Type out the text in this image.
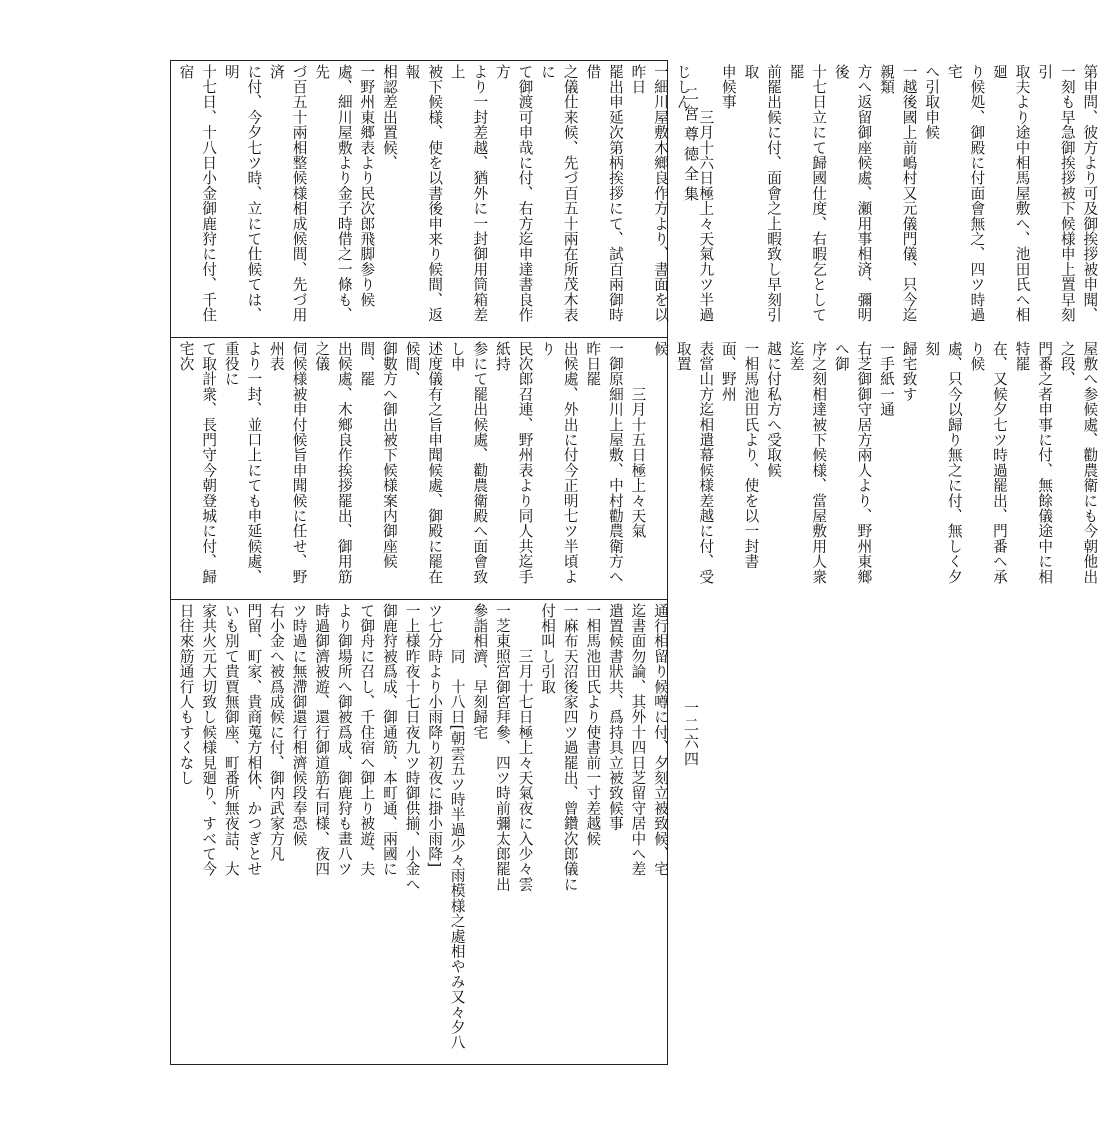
二宮尊徳全集
一二六四
第申問、彼方より可及御挨拶被申聞、
一刻も早急御挨拶被下候様申上置早刻引
取夫より途中相馬屋敷へ、池田氏へ相廻
り候処、御殿に付面會無之、四ツ時過宅
へ引取申候
一越後國上前嶋村又元儀門儀、只今迄親類
方へ返留御座候處、瀬用事相済、彌明後
十七日立にて歸國仕度、右暇乞として罷
前罷出候に付、面會之上暇致し早刻引取
申候事
　　　三月十六日極上々天氣九ツ半過じしん
一細川屋敷木鄉良作方より、書面を以昨日
罷出申延次第柄挨拶にて、試百兩御時借
之儀仕来候、先づ百五十兩在所茂木表に
て御渡可申哉に付、右方迄申達書良作方
より一封差越、猶外に一封御用筒箱差上
被下候様、使を以書後申来り候間、返報
相認差出置候、
一野州東郷表より民次郎飛脚参り候
處、細川屋敷より金子時借之一條も、先
づ百五十兩相整候様相成候間、先づ用済
に付、今夕七ツ時、立にて仕候ては、明
十七日、十八日小金御鹿狩に付、千住宿
屋敷へ参候處、勸農衛にも今朝他出之段、
門番之者申事に付、無餘儀途中に相特罷
在、又候夕七ツ時過罷出、門番へ承り候
處、只今以歸り無之に付、無しく夕刻
歸宅致す
一手紙一通
右芝御御守居方兩人より、野州東鄉へ御
序之刻相達被下候様、當屋敷用人衆迄差
越に付私方へ受取候
一相馬池田氏より、使を以一封書面、野州
表當山方迄相遣幕候様差越に付、受取置
候
　　　三月十五日極上々天氣
一御原細川上屋敷、中村勸農衛方へ昨日罷
出候處、外出に付今正明七ツ半頃より
民次郎召連、野州表より同人共迄手紙持
参にて罷出候處、勸農衛殿へ面會致し申
述度儀有之旨申聞候處、御殿に罷在候間、
御數方へ御出被下候様案内御座候間、罷
出候處、木鄉良作挨拶罷出、御用筋之儀
伺候様被申付候旨申聞候に任せ、野州表
より一封、並口上にても申延候處、重役に
て取計衆、長門守今朝登城に付、歸宅次
通行相留り候噂に付、夕刻立被致候、宅
迄書面勿論、其外十四日芝留守居中へ差
遣置候書狀共、爲持具立被致候事
一相馬池田氏より使書前一寸差越候
一麻布天沼後家四ツ過罷出、曾鑽次郎儀に
付相叫し引取
　　　三月十七日極上々天氣夜に入少々雲
一芝東照宮御宮拜參、四ツ時前彌太郎罷出
參詣相濟、早刻歸宅
　　　同　十八日[朝雲五ツ時半過少々雨模様之處相やみ又々夕八ツ七分時より小雨降り初夜に掛小雨降]
一上様昨夜十七日夜九ツ時御供揃、小金へ
御鹿狩被爲成、御通筋、本町通、兩國に
て御舟に召し、千住宿へ御上り被遊、夫
より御場所へ御被爲成、御鹿狩も畫八ツ
時過御濟被遊、還行御道筋右同様、夜四
ツ時過に無滯御還行相濟候段奉恐候
右小金へ被爲成候に付、御内武家方凡
門留、町家、貴商蒐方相休、かつぎとせ
いも別て貴賈無御座、町番所無夜詰、大
家共火元大切致し候様見廻り、すべて今
日往來筋通行人もすくなし
